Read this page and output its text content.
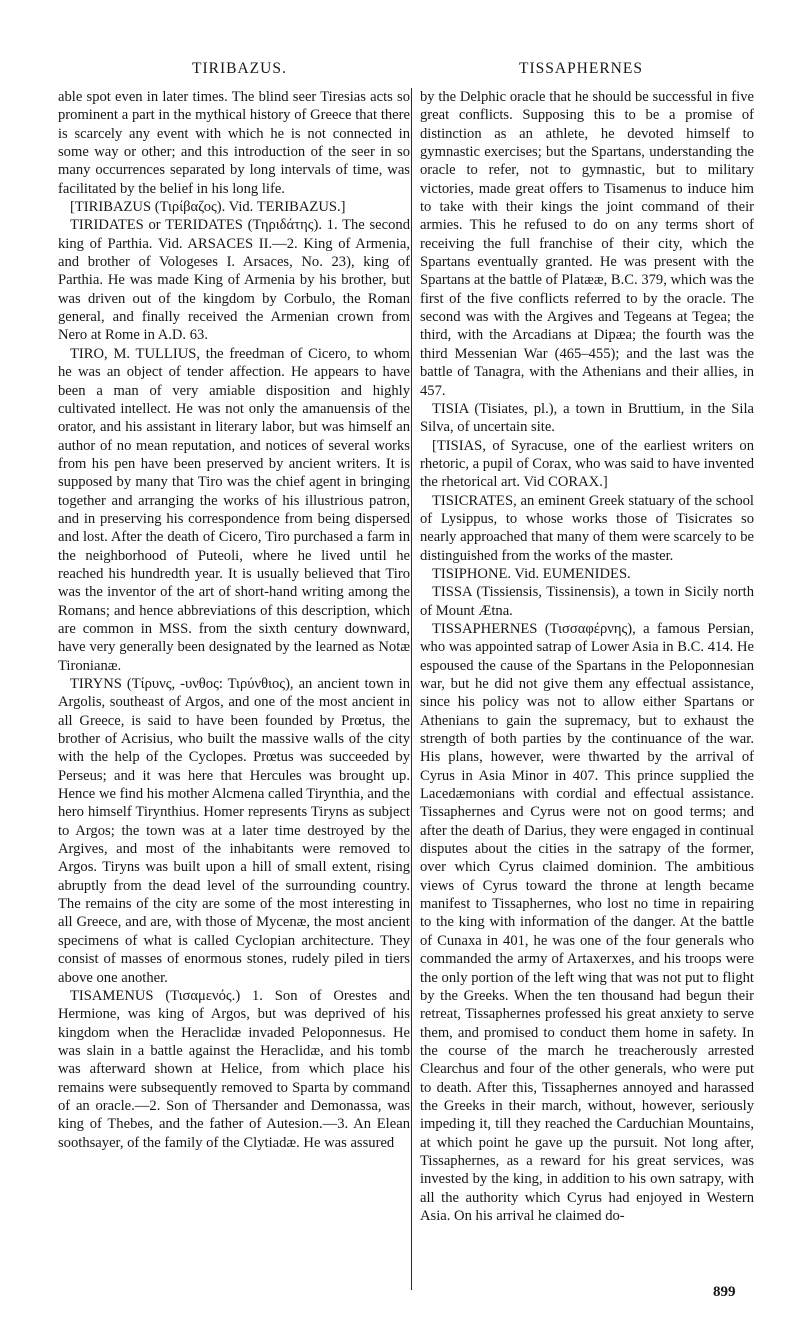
TIRIBAZUS.	TISSAPHERNES

able spot even in later times. The blind seer Tiresias acts so prominent a part in the mythical history of Greece that there is scarcely any event with which he is not connected in some way or other; and this introduction of the seer in so many occurrences separated by long intervals of time, was facilitated by the belief in his long life.

[TIRIBAZUS (Τιρίβαζος). Vid. TERIBAZUS.]

TIRIDATES or TERIDATES (Τηριδάτης). 1. The second king of Parthia. Vid. ARSACES II.—2. King of Armenia, and brother of Vologeses I. Arsaces, No. 23), king of Parthia. He was made King of Armenia by his brother, but was driven out of the kingdom by Corbulo, the Roman general, and finally received the Armenian crown from Nero at Rome in A.D. 63.

TIRO, M. TULLIUS, the freedman of Cicero, to whom he was an object of tender affection. He appears to have been a man of very amiable disposition and highly cultivated intellect. He was not only the amanuensis of the orator, and his assistant in literary labor, but was himself an author of no mean reputation, and notices of several works from his pen have been preserved by ancient writers. It is supposed by many that Tiro was the chief agent in bringing together and arranging the works of his illustrious patron, and in preserving his correspondence from being dispersed and lost. After the death of Cicero, Tiro purchased a farm in the neighborhood of Puteoli, where he lived until he reached his hundredth year. It is usually believed that Tiro was the inventor of the art of short-hand writing among the Romans; and hence abbreviations of this description, which are common in MSS. from the sixth century downward, have very generally been designated by the learned as Notæ Tironianæ.

TIRYNS (Τίρυνς, -υνθος: Τιρύνθιος), an ancient town in Argolis, southeast of Argos, and one of the most ancient in all Greece, is said to have been founded by Prœtus, the brother of Acrisius, who built the massive walls of the city with the help of the Cyclopes. Prœtus was succeeded by Perseus; and it was here that Hercules was brought up. Hence we find his mother Alcmena called Tirynthia, and the hero himself Tirynthius. Homer represents Tiryns as subject to Argos; the town was at a later time destroyed by the Argives, and most of the inhabitants were removed to Argos. Tiryns was built upon a hill of small extent, rising abruptly from the dead level of the surrounding country. The remains of the city are some of the most interesting in all Greece, and are, with those of Mycenæ, the most ancient specimens of what is called Cyclopian architecture. They consist of masses of enormous stones, rudely piled in tiers above one another.

TISAMENUS (Τισαμενός.) 1. Son of Orestes and Hermione, was king of Argos, but was deprived of his kingdom when the Heraclidæ invaded Peloponnesus. He was slain in a battle against the Heraclidæ, and his tomb was afterward shown at Helice, from which place his remains were subsequently removed to Sparta by command of an oracle.—2. Son of Thersander and Demonassa, was king of Thebes, and the father of Autesion.—3. An Elean soothsayer, of the family of the Clytiadæ. He was assured

by the Delphic oracle that he should be successful in five great conflicts. Supposing this to be a promise of distinction as an athlete, he devoted himself to gymnastic exercises; but the Spartans, understanding the oracle to refer, not to gymnastic, but to military victories, made great offers to Tisamenus to induce him to take with their kings the joint command of their armies. This he refused to do on any terms short of receiving the full franchise of their city, which the Spartans eventually granted. He was present with the Spartans at the battle of Platææ, B.C. 379, which was the first of the five conflicts referred to by the oracle. The second was with the Argives and Tegeans at Tegea; the third, with the Arcadians at Dipæa; the fourth was the third Messenian War (465–455); and the last was the battle of Tanagra, with the Athenians and their allies, in 457.

TISIA (Tisiates, pl.), a town in Bruttium, in the Sila Silva, of uncertain site.

[TISIAS, of Syracuse, one of the earliest writers on rhetoric, a pupil of Corax, who was said to have invented the rhetorical art. Vid CORAX.]

TISICRATES, an eminent Greek statuary of the school of Lysippus, to whose works those of Tisicrates so nearly approached that many of them were scarcely to be distinguished from the works of the master.

TISIPHONE. Vid. EUMENIDES.

TISSA (Tissiensis, Tissinensis), a town in Sicily north of Mount Ætna.

TISSAPHERNES (Τισσαφέρνης), a famous Persian, who was appointed satrap of Lower Asia in B.C. 414. He espoused the cause of the Spartans in the Peloponnesian war, but he did not give them any effectual assistance, since his policy was not to allow either Spartans or Athenians to gain the supremacy, but to exhaust the strength of both parties by the continuance of the war. His plans, however, were thwarted by the arrival of Cyrus in Asia Minor in 407. This prince supplied the Lacedæmonians with cordial and effectual assistance. Tissaphernes and Cyrus were not on good terms; and after the death of Darius, they were engaged in continual disputes about the cities in the satrapy of the former, over which Cyrus claimed dominion. The ambitious views of Cyrus toward the throne at length became manifest to Tissaphernes, who lost no time in repairing to the king with information of the danger. At the battle of Cunaxa in 401, he was one of the four generals who commanded the army of Artaxerxes, and his troops were the only portion of the left wing that was not put to flight by the Greeks. When the ten thousand had begun their retreat, Tissaphernes professed his great anxiety to serve them, and promised to conduct them home in safety. In the course of the march he treacherously arrested Clearchus and four of the other generals, who were put to death. After this, Tissaphernes annoyed and harassed the Greeks in their march, without, however, seriously impeding it, till they reached the Carduchian Mountains, at which point he gave up the pursuit. Not long after, Tissaphernes, as a reward for his great services, was invested by the king, in addition to his own satrapy, with all the authority which Cyrus had enjoyed in Western Asia. On his arrival he claimed do-

899
